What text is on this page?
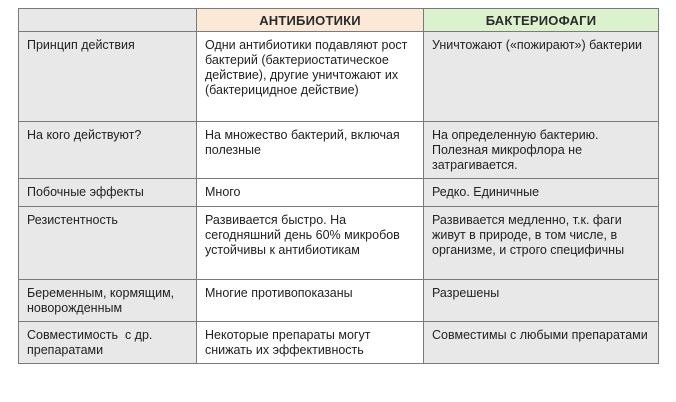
	АНТИБИОТИКИ	БАКТЕРИОФАГИ

Принцип действия	Одни антибиотики подавляют рост бактерий (бактериостатическое действие), другие уничтожают их (бактерицидное действие)	Уничтожают («пожирают») бактерии

На кого действуют?	На множество бактерий, включая полезные	На определенную бактерию. Полезная микрофлора не затрагивается.

Побочные эффекты	Много	Редко. Единичные

Резистентность	Развивается быстро. На сегодняшний день 60% микробов устойчивы к антибиотикам	Развивается медленно, т.к. фаги живут в природе, в том числе, в организме, и строго специфичны

Беременным, кормящим, новорожденным	Многие противопоказаны	Разрешены

Совместимость  с др. препаратами	Некоторые препараты могут снижать их эффективность	Совместимы с любыми препаратами
